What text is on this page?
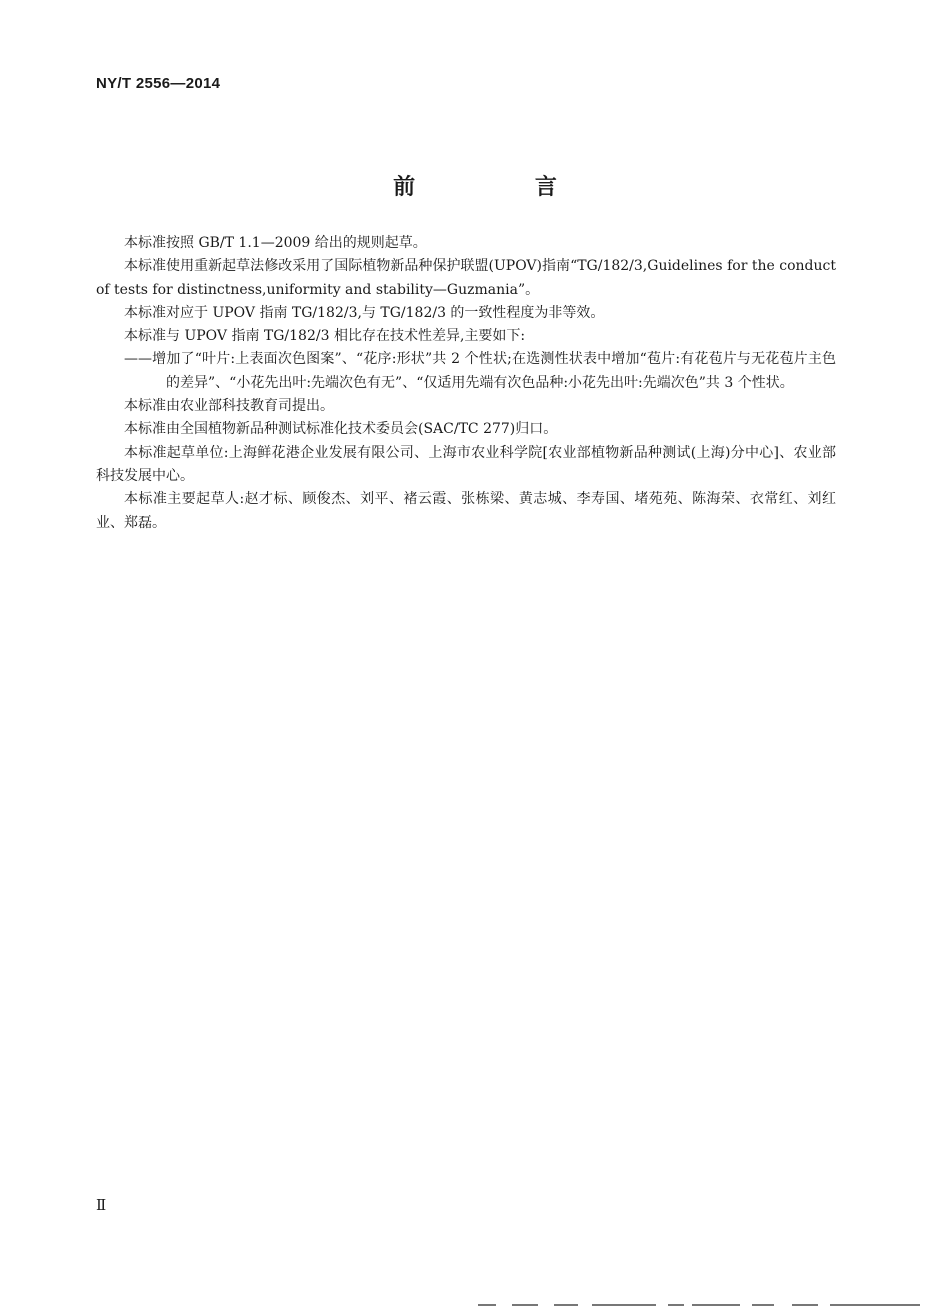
NY/T 2556—2014
前 言

本标准按照 GB/T 1.1—2009 给出的规则起草。

本标准使用重新起草法修改采用了国际植物新品种保护联盟(UPOV)指南“TG/182/3,Guidelines for the conduct of tests for distinctness,uniformity and stability—Guzmania”。

本标准对应于 UPOV 指南 TG/182/3,与 TG/182/3 的一致性程度为非等效。

本标准与 UPOV 指南 TG/182/3 相比存在技术性差异,主要如下:

——增加了“叶片:上表面次色图案”、“花序:形状”共 2 个性状;在选测性状表中增加“苞片:有花苞片与无花苞片主色的差异”、“小花先出叶:先端次色有无”、“仅适用先端有次色品种:小花先出叶:先端次色”共 3 个性状。

本标准由农业部科技教育司提出。

本标准由全国植物新品种测试标准化技术委员会(SAC/TC 277)归口。

本标准起草单位:上海鲜花港企业发展有限公司、上海市农业科学院[农业部植物新品种测试(上海)分中心]、农业部科技发展中心。

本标准主要起草人:赵才标、顾俊杰、刘平、褚云霞、张栋梁、黄志城、李寿国、堵苑苑、陈海荣、衣常红、刘红业、郑磊。

Ⅱ
